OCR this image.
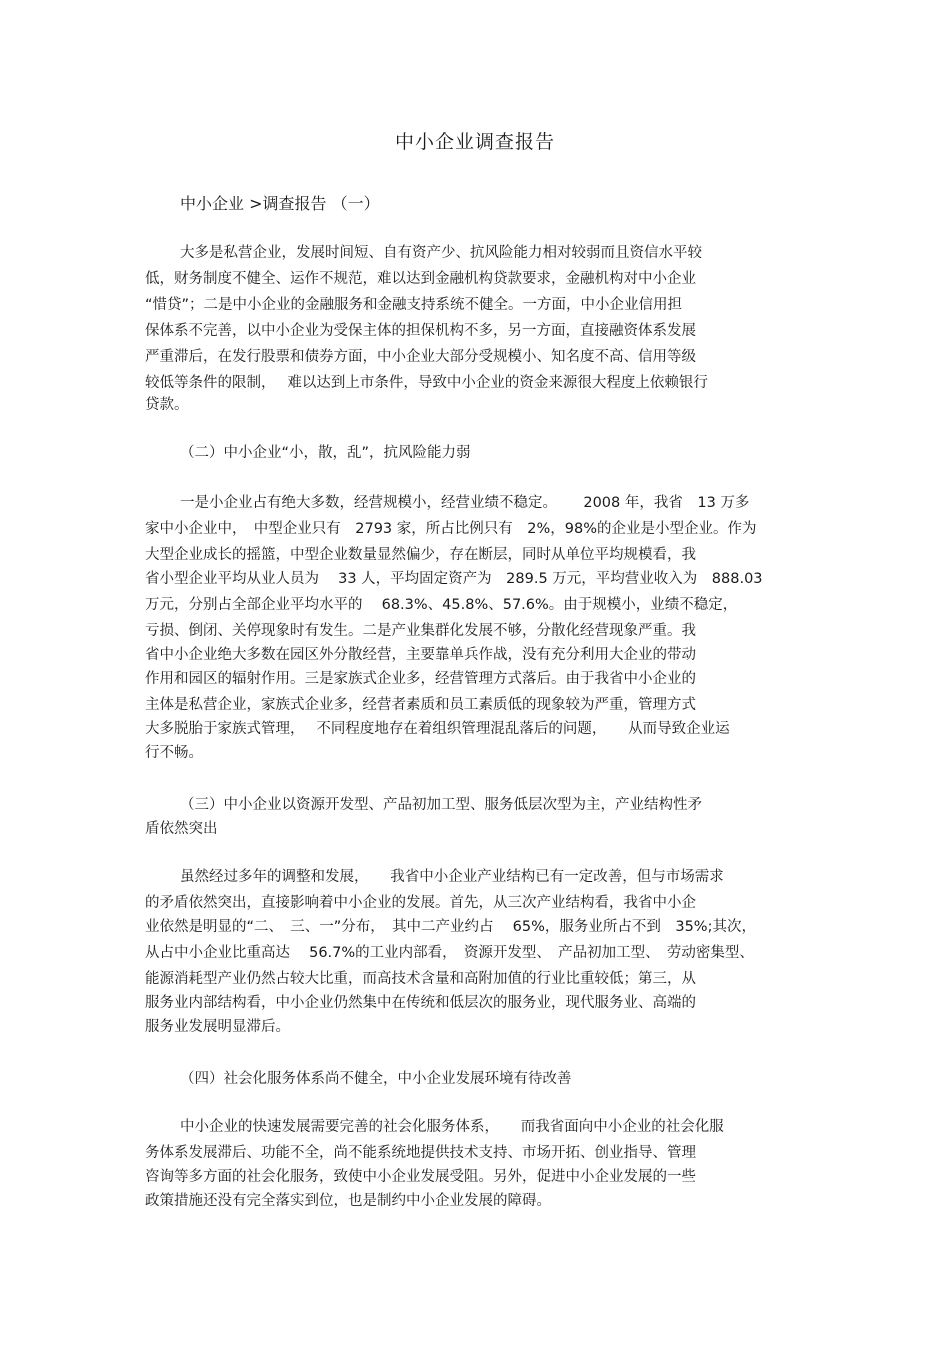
中小企业调查报告
中小企业 >调查报告 （一）
大多是私营企业，发展时间短、自有资产少、抗风险能力相对较弱而且资信水平较
低，财务制度不健全、运作不规范，难以达到金融机构贷款要求，金融机构对中小企业
“惜贷”；二是中小企业的金融服务和金融支持系统不健全。一方面，中小企业信用担
保体系不完善，以中小企业为受保主体的担保机构不多，另一方面，直接融资体系发展
严重滞后，在发行股票和债券方面，中小企业大部分受规模小、知名度不高、信用等级
较低等条件的限制，　 难以达到上市条件，导致中小企业的资金来源很大程度上依赖银行
贷款。
（二）中小企业“小，散，乱”，抗风险能力弱
一是小企业占有绝大多数，经营规模小，经营业绩不稳定。　　 2008 年，我省　13 万多
家中小企业中，　中型企业只有　2793 家，所占比例只有　2%，98%的企业是小型企业。作为
大型企业成长的摇篮，中型企业数量显然偏少，存在断层，同时从单位平均规模看，我
省小型企业平均从业人员为　 33 人，平均固定资产为　289.5 万元，平均营业收入为　888.03
万元，分别占全部企业平均水平的　 68.3%、45.8%、57.6%。由于规模小，业绩不稳定，
亏损、倒闭、关停现象时有发生。二是产业集群化发展不够，分散化经营现象严重。我
省中小企业绝大多数在园区外分散经营，主要靠单兵作战，没有充分利用大企业的带动
作用和园区的辐射作用。三是家族式企业多，经营管理方式落后。由于我省中小企业的
主体是私营企业，家族式企业多，经营者素质和员工素质低的现象较为严重，管理方式
大多脱胎于家族式管理，　 不同程度地存在着组织管理混乱落后的问题，　　从而导致企业运
行不畅。
（三）中小企业以资源开发型、产品初加工型、服务低层次型为主，产业结构性矛
盾依然突出
虽然经过多年的调整和发展，　　我省中小企业产业结构已有一定改善，但与市场需求
的矛盾依然突出，直接影响着中小企业的发展。首先，从三次产业结构看，我省中小企
业依然是明显的“二、　三、一”分布，　其中二产业约占　 65%，服务业所占不到　35%;其次，
从占中小企业比重高达　 56.7%的工业内部看，　资源开发型、　产品初加工型、　劳动密集型、
能源消耗型产业仍然占较大比重，而高技术含量和高附加值的行业比重较低；第三，从
服务业内部结构看，中小企业仍然集中在传统和低层次的服务业，现代服务业、高端的
服务业发展明显滞后。
（四）社会化服务体系尚不健全，中小企业发展环境有待改善
中小企业的快速发展需要完善的社会化服务体系，　　而我省面向中小企业的社会化服
务体系发展滞后、功能不全，尚不能系统地提供技术支持、市场开拓、创业指导、管理
咨询等多方面的社会化服务，致使中小企业发展受阻。另外，促进中小企业发展的一些
政策措施还没有完全落实到位，也是制约中小企业发展的障碍。
